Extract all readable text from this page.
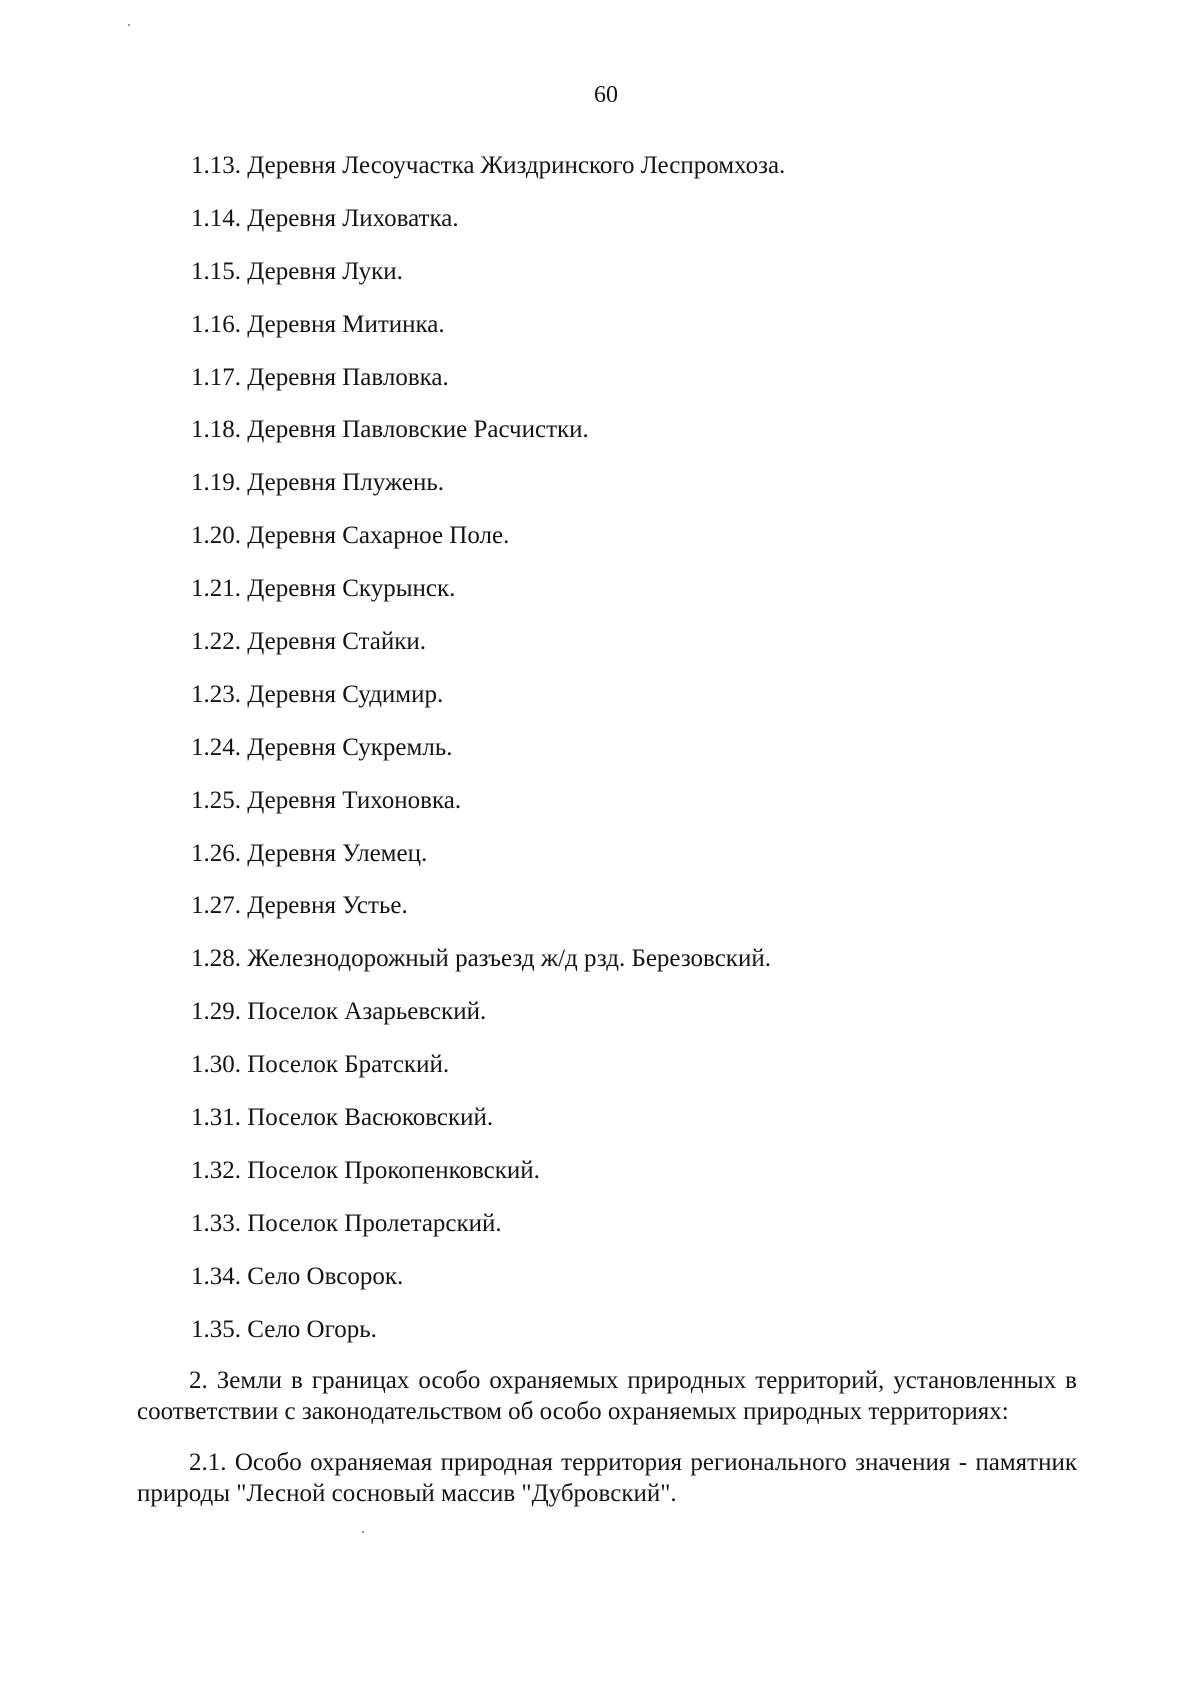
60
1.13. Деревня Лесоучастка Жиздринского Леспромхоза.
1.14. Деревня Лиховатка.
1.15. Деревня Луки.
1.16. Деревня Митинка.
1.17. Деревня Павловка.
1.18. Деревня Павловские Расчистки.
1.19. Деревня Плужень.
1.20. Деревня Сахарное Поле.
1.21. Деревня Скурынск.
1.22. Деревня Стайки.
1.23. Деревня Судимир.
1.24. Деревня Сукремль.
1.25. Деревня Тихоновка.
1.26. Деревня Улемец.
1.27. Деревня Устье.
1.28. Железнодорожный разъезд ж/д рзд. Березовский.
1.29. Поселок Азарьевский.
1.30. Поселок Братский.
1.31. Поселок Васюковский.
1.32. Поселок Прокопенковский.
1.33. Поселок Пролетарский.
1.34. Село Овсорок.
1.35. Село Огорь.

2. Земли в границах особо охраняемых природных территорий, установленных в соответствии с законодательством об особо охраняемых природных территориях:

2.1. Особо охраняемая природная территория регионального значения - памятник природы "Лесной сосновый массив "Дубровский".
